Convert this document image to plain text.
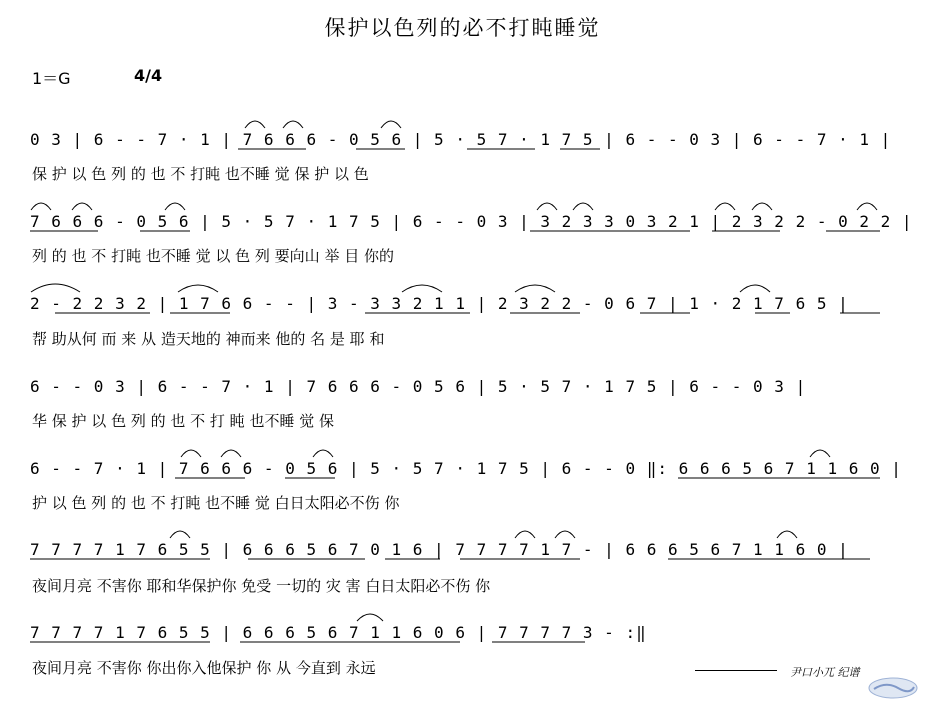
保护以色列的必不打盹睡觉
1＝G	4/4
0 3 | 6 - - 7 · 1 | 7 6 6 6 - 0 5 6 | 5 · 5 7 · 1 7 5 | 6 - - 0 3 | 6 - - 7 · 1 |
保 护 以 色 列 的 也 不 打盹 也不睡 觉 保 护 以 色
7 6 6 6 - 0 5 6 | 5 · 5 7 · 1 7 5 | 6 - - 0 3 | 3 2 3 3 0 3 2 1 | 2 3 2 2 - 0 2 2 |
列 的 也 不 打盹 也不睡 觉 以 色 列 要向山 举 目 你的
2 - 2 2 3 2 | 1 7 6 6 - - | 3 - 3 3 2 1 1 | 2 3 2 2 - 0 6 7 | 1 · 2 1 7 6 5 |
帮 助从何 而 来 从 造天地的 神而来 他的 名 是 耶 和
6 - - 0 3 | 6 - - 7 · 1 | 7 6 6 6 - 0 5 6 | 5 · 5 7 · 1 7 5 | 6 - - 0 3 |
华 保 护 以 色 列 的 也 不 打 盹 也不睡 觉 保
6 - - 7 · 1 | 7 6 6 6 - 0 5 6 | 5 · 5 7 · 1 7 5 | 6 - - 0 ‖: 6 6 6 5 6 7 1 1 6 0 |
护 以 色 列 的 也 不 打盹 也不睡 觉 白日太阳必不伤 你
7 7 7 7 1 7 6 5 5 | 6 6 6 5 6 7 0 1 6 | 7 7 7 7 1 7 - | 6 6 6 5 6 7 1 1 6 0 |
夜间月亮 不害你 耶和华保护你 免受 一切的 灾 害 白日太阳必不伤 你
7 7 7 7 1 7 6 5 5 | 6 6 6 5 6 7 1 1 6 0 6 | 7 7 7 7 3 - :‖
夜间月亮 不害你 你出你入他保护 你 从 今直到 永远	尹口小兀 纪谱
